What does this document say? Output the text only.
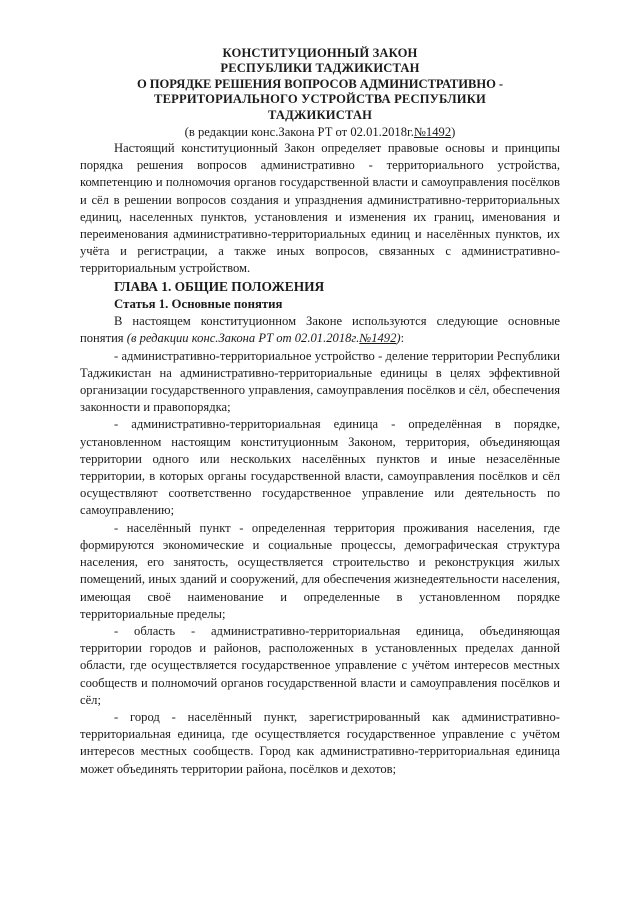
КОНСТИТУЦИОННЫЙ ЗАКОН
РЕСПУБЛИКИ ТАДЖИКИСТАН
О ПОРЯДКЕ РЕШЕНИЯ ВОПРОСОВ АДМИНИСТРАТИВНО -
ТЕРРИТОРИАЛЬНОГО УСТРОЙСТВА РЕСПУБЛИКИ
ТАДЖИКИСТАН
(в редакции конс.Закона РТ от 02.01.2018г.№1492)

Настоящий конституционный Закон определяет правовые основы и принципы порядка решения вопросов административно - территориального устройства, компетенцию и полномочия органов государственной власти и самоуправления посёлков и сёл в решении вопросов создания и упразднения административно-территориальных единиц, населенных пунктов, установления и изменения их границ, именования и переименования административно-территориальных единиц и населённых пунктов, их учёта и регистрации, а также иных вопросов, связанных с административно-территориальным устройством.

ГЛАВА 1. ОБЩИЕ ПОЛОЖЕНИЯ
Статья 1. Основные понятия

В настоящем конституционном Законе используются следующие основные понятия (в редакции конс.Закона РТ от 02.01.2018г.№1492):

- административно-территориальное устройство - деление территории Республики Таджикистан на административно-территориальные единицы в целях эффективной организации государственного управления, самоуправления посёлков и сёл, обеспечения законности и правопорядка;

- административно-территориальная единица - определённая в порядке, установленном настоящим конституционным Законом, территория, объединяющая территории одного или нескольких населённых пунктов и иные незаселённые территории, в которых органы государственной власти, самоуправления посёлков и сёл осуществляют соответственно государственное управление или деятельность по самоуправлению;

- населённый пункт - определенная территория проживания населения, где формируются экономические и социальные процессы, демографическая структура населения, его занятость, осуществляется строительство и реконструкция жилых помещений, иных зданий и сооружений, для обеспечения жизнедеятельности населения, имеющая своё наименование и определенные в установленном порядке территориальные пределы;

- область - административно-территориальная единица, объединяющая территории городов и районов, расположенных в установленных пределах данной области, где осуществляется государственное управление с учётом интересов местных сообществ и полномочий органов государственной власти и самоуправления посёлков и сёл;

- город - населённый пункт, зарегистрированный как административно-территориальная единица, где осуществляется государственное управление с учётом интересов местных сообществ. Город как административно-территориальная единица может объединять территории района, посёлков и дехотов;
